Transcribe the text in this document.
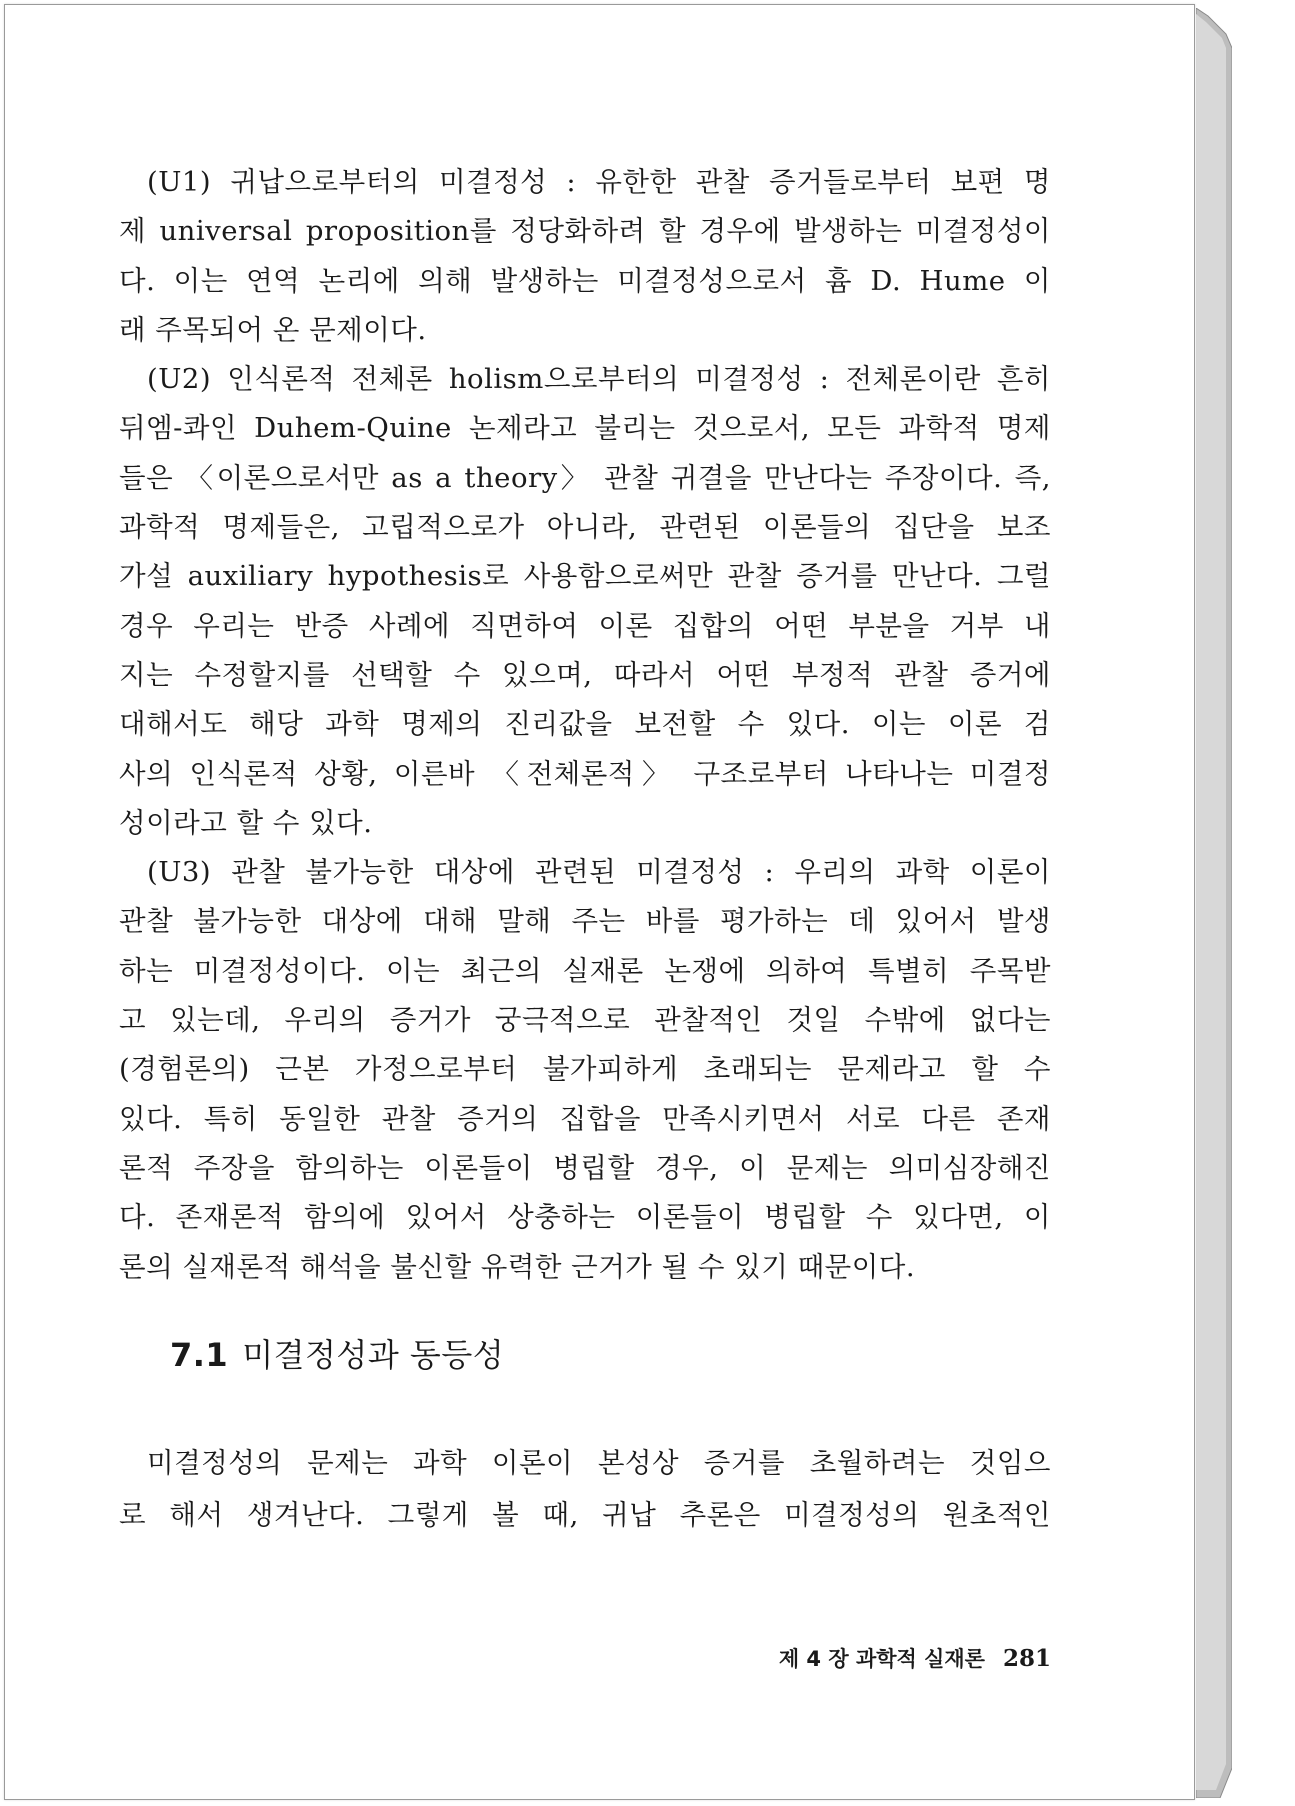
(U1) 귀납으로부터의 미결정성 : 유한한 관찰 증거들로부터 보편 명
제 universal proposition를 정당화하려 할 경우에 발생하는 미결정성이
다. 이는 연역 논리에 의해 발생하는 미결정성으로서 흄 D. Hume 이
래 주목되어 온 문제이다.
(U2) 인식론적 전체론 holism으로부터의 미결정성 : 전체론이란 흔히
뒤엠-콰인 Duhem-Quine 논제라고 불리는 것으로서, 모든 과학적 명제
들은 〈이론으로서만 as a theory〉 관찰 귀결을 만난다는 주장이다. 즉,
과학적 명제들은, 고립적으로가 아니라, 관련된 이론들의 집단을 보조
가설 auxiliary hypothesis로 사용함으로써만 관찰 증거를 만난다. 그럴
경우 우리는 반증 사례에 직면하여 이론 집합의 어떤 부분을 거부 내
지는 수정할지를 선택할 수 있으며, 따라서 어떤 부정적 관찰 증거에
대해서도 해당 과학 명제의 진리값을 보전할 수 있다. 이는 이론 검
사의 인식론적 상황, 이른바 〈전체론적〉 구조로부터 나타나는 미결정
성이라고 할 수 있다.
(U3) 관찰 불가능한 대상에 관련된 미결정성 : 우리의 과학 이론이
관찰 불가능한 대상에 대해 말해 주는 바를 평가하는 데 있어서 발생
하는 미결정성이다. 이는 최근의 실재론 논쟁에 의하여 특별히 주목받
고 있는데, 우리의 증거가 궁극적으로 관찰적인 것일 수밖에 없다는
(경험론의) 근본 가정으로부터 불가피하게 초래되는 문제라고 할 수
있다. 특히 동일한 관찰 증거의 집합을 만족시키면서 서로 다른 존재
론적 주장을 함의하는 이론들이 병립할 경우, 이 문제는 의미심장해진
다. 존재론적 함의에 있어서 상충하는 이론들이 병립할 수 있다면, 이
론의 실재론적 해석을 불신할 유력한 근거가 될 수 있기 때문이다.
7.1 미결정성과 동등성
미결정성의 문제는 과학 이론이 본성상 증거를 초월하려는 것임으
로 해서 생겨난다. 그렇게 볼 때, 귀납 추론은 미결정성의 원초적인
제 4 장 과학적 실재론 281
